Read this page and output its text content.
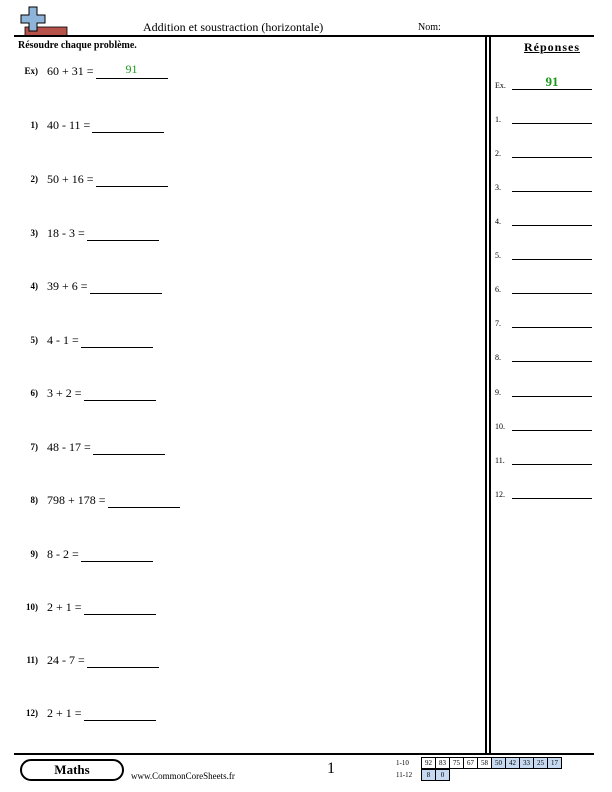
Addition et soustraction (horizontale)	Nom:
Résoudre chaque problème.
Ex) 60 + 31 =	91
1) 40 - 11 =
2) 50 + 16 =
3) 18 - 3 =
4) 39 + 6 =
5) 4 - 1 =
6) 3 + 2 =
7) 48 - 17 =
8) 798 + 178 =
9) 8 - 2 =
10) 2 + 1 =
11) 24 - 7 =
12) 2 + 1 =
Réponses
Ex.	91
1.
2.
3.
4.
5.
6.
7.
8.
9.
10.
11.
12.
Maths	www.CommonCoreSheets.fr	1	1-10	92	83	75	67	58	50	42	33	25	17
11-12	8	0
